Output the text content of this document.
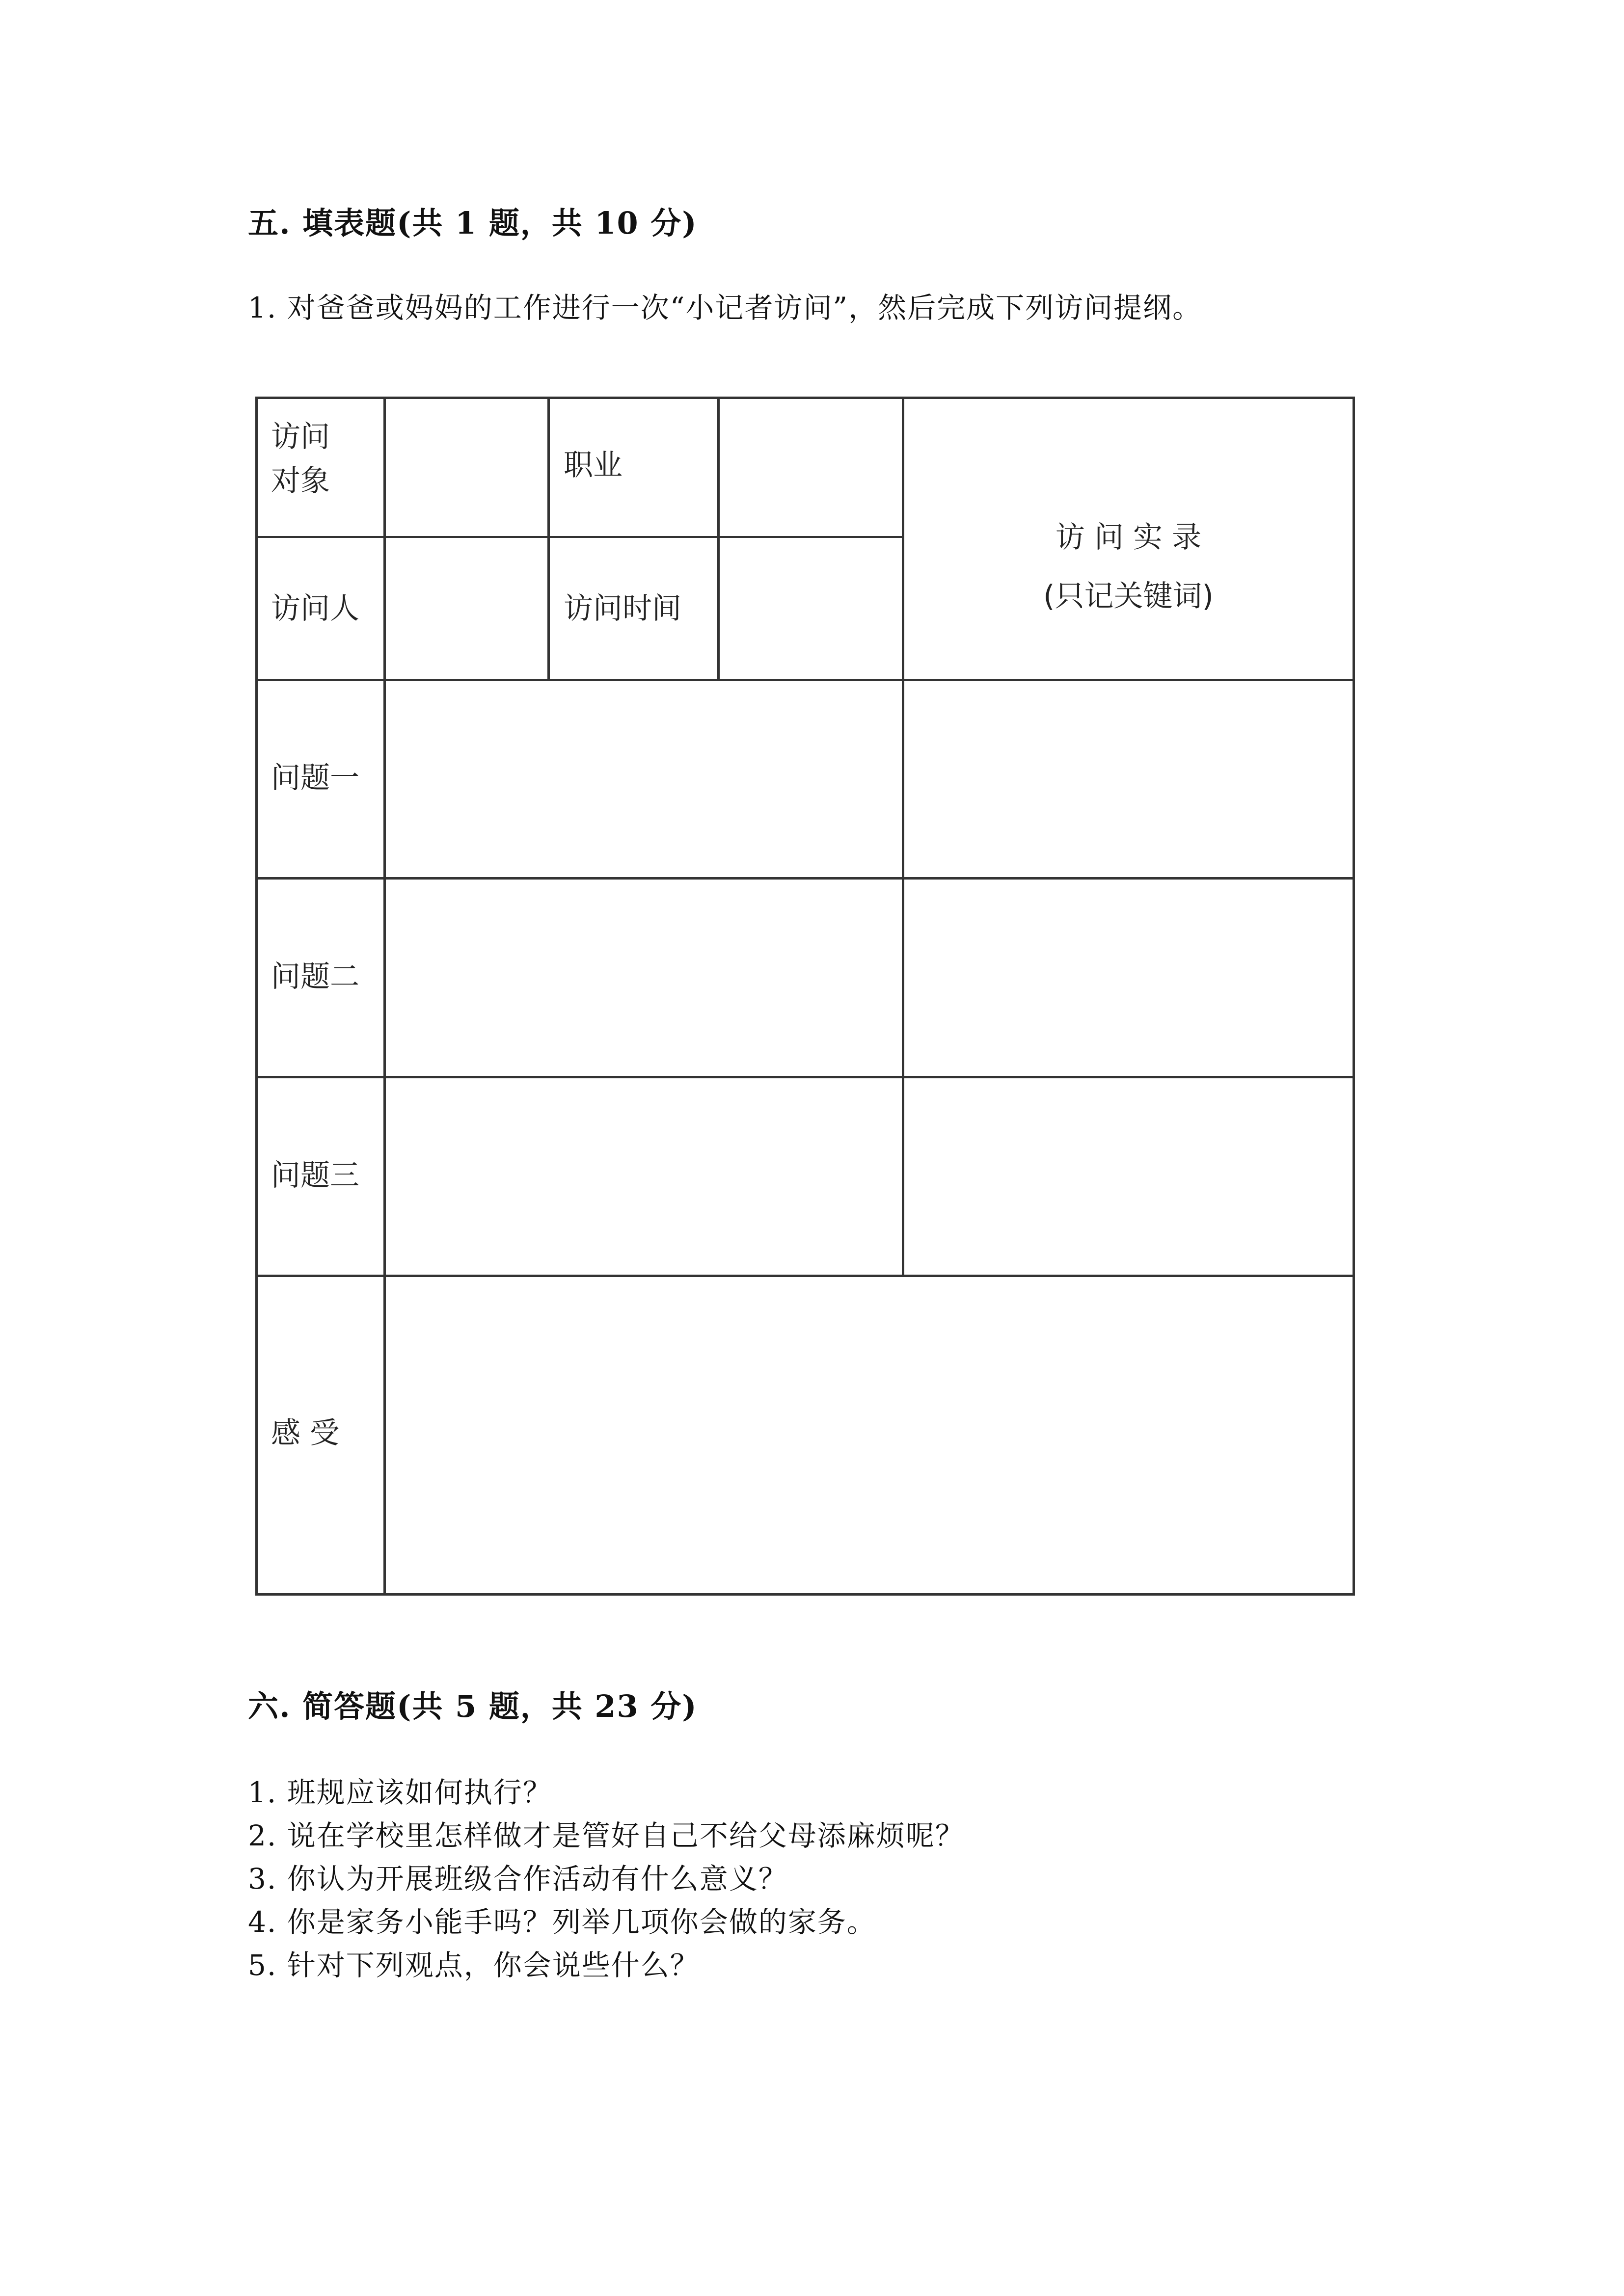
五. 填表题(共 1 题，共 10 分)
1. 对爸爸或妈妈的工作进行一次“小记者访问”，然后完成下列访问提纲。
访问
对象	职业
访问人	访问时间
访 问 实 录
(只记关键词)
问题一
问题二
问题三
感 受
六. 简答题(共 5 题，共 23 分)
1. 班规应该如何执行？
2. 说在学校里怎样做才是管好自己不给父母添麻烦呢？
3. 你认为开展班级合作活动有什么意义？
4. 你是家务小能手吗？列举几项你会做的家务。
5. 针对下列观点，你会说些什么？
